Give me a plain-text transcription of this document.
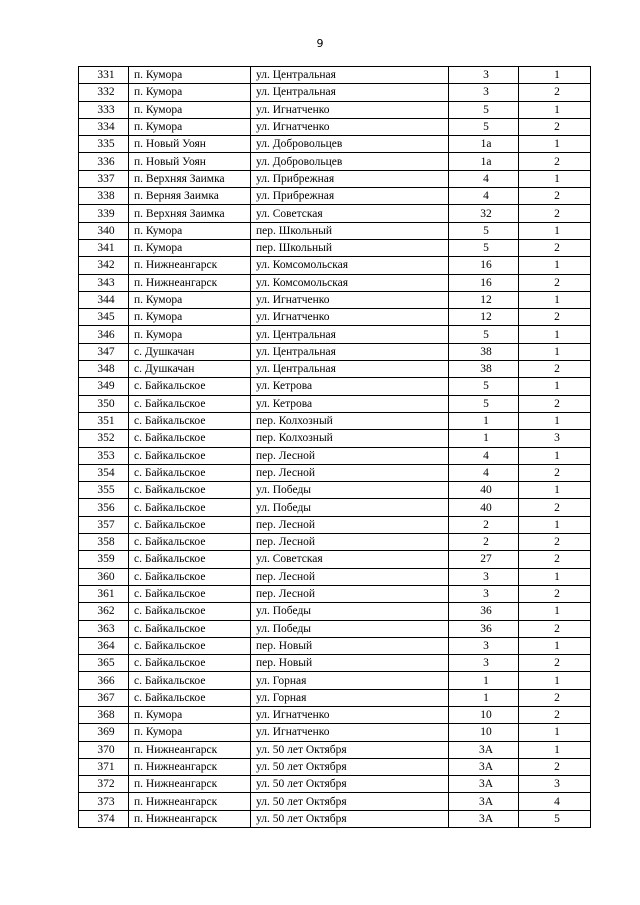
9
331	п. Кумора	ул. Центральная	3	1
332	п. Кумора	ул. Центральная	3	2
333	п. Кумора	ул. Игнатченко	5	1
334	п. Кумора	ул. Игнатченко	5	2
335	п. Новый Уоян	ул. Добровольцев	1а	1
336	п. Новый Уоян	ул. Добровольцев	1а	2
337	п. Верхняя Заимка	ул. Прибрежная	4	1
338	п. Верняя Заимка	ул. Прибрежная	4	2
339	п. Верхняя Заимка	ул. Советская	32	2
340	п. Кумора	пер. Школьный	5	1
341	п. Кумора	пер. Школьный	5	2
342	п. Нижнеангарск	ул. Комсомольская	16	1
343	п. Нижнеангарск	ул. Комсомольская	16	2
344	п. Кумора	ул. Игнатченко	12	1
345	п. Кумора	ул. Игнатченко	12	2
346	п. Кумора	ул. Центральная	5	1
347	с. Душкачан	ул. Центральная	38	1
348	с. Душкачан	ул. Центральная	38	2
349	с. Байкальское	ул. Кетрова	5	1
350	с. Байкальское	ул. Кетрова	5	2
351	с. Байкальское	пер. Колхозный	1	1
352	с. Байкальское	пер. Колхозный	1	3
353	с. Байкальское	пер. Лесной	4	1
354	с. Байкальское	пер. Лесной	4	2
355	с. Байкальское	ул. Победы	40	1
356	с. Байкальское	ул. Победы	40	2
357	с. Байкальское	пер. Лесной	2	1
358	с. Байкальское	пер. Лесной	2	2
359	с. Байкальское	ул. Советская	27	2
360	с. Байкальское	пер. Лесной	3	1
361	с. Байкальское	пер. Лесной	3	2
362	с. Байкальское	ул. Победы	36	1
363	с. Байкальское	ул. Победы	36	2
364	с. Байкальское	пер. Новый	3	1
365	с. Байкальское	пер. Новый	3	2
366	с. Байкальское	ул. Горная	1	1
367	с. Байкальское	ул. Горная	1	2
368	п. Кумора	ул. Игнатченко	10	2
369	п. Кумора	ул. Игнатченко	10	1
370	п. Нижнеангарск	ул. 50 лет Октября	3А	1
371	п. Нижнеангарск	ул. 50 лет Октября	3А	2
372	п. Нижнеангарск	ул. 50 лет Октября	3А	3
373	п. Нижнеангарск	ул. 50 лет Октября	3А	4
374	п. Нижнеангарск	ул. 50 лет Октября	3А	5
